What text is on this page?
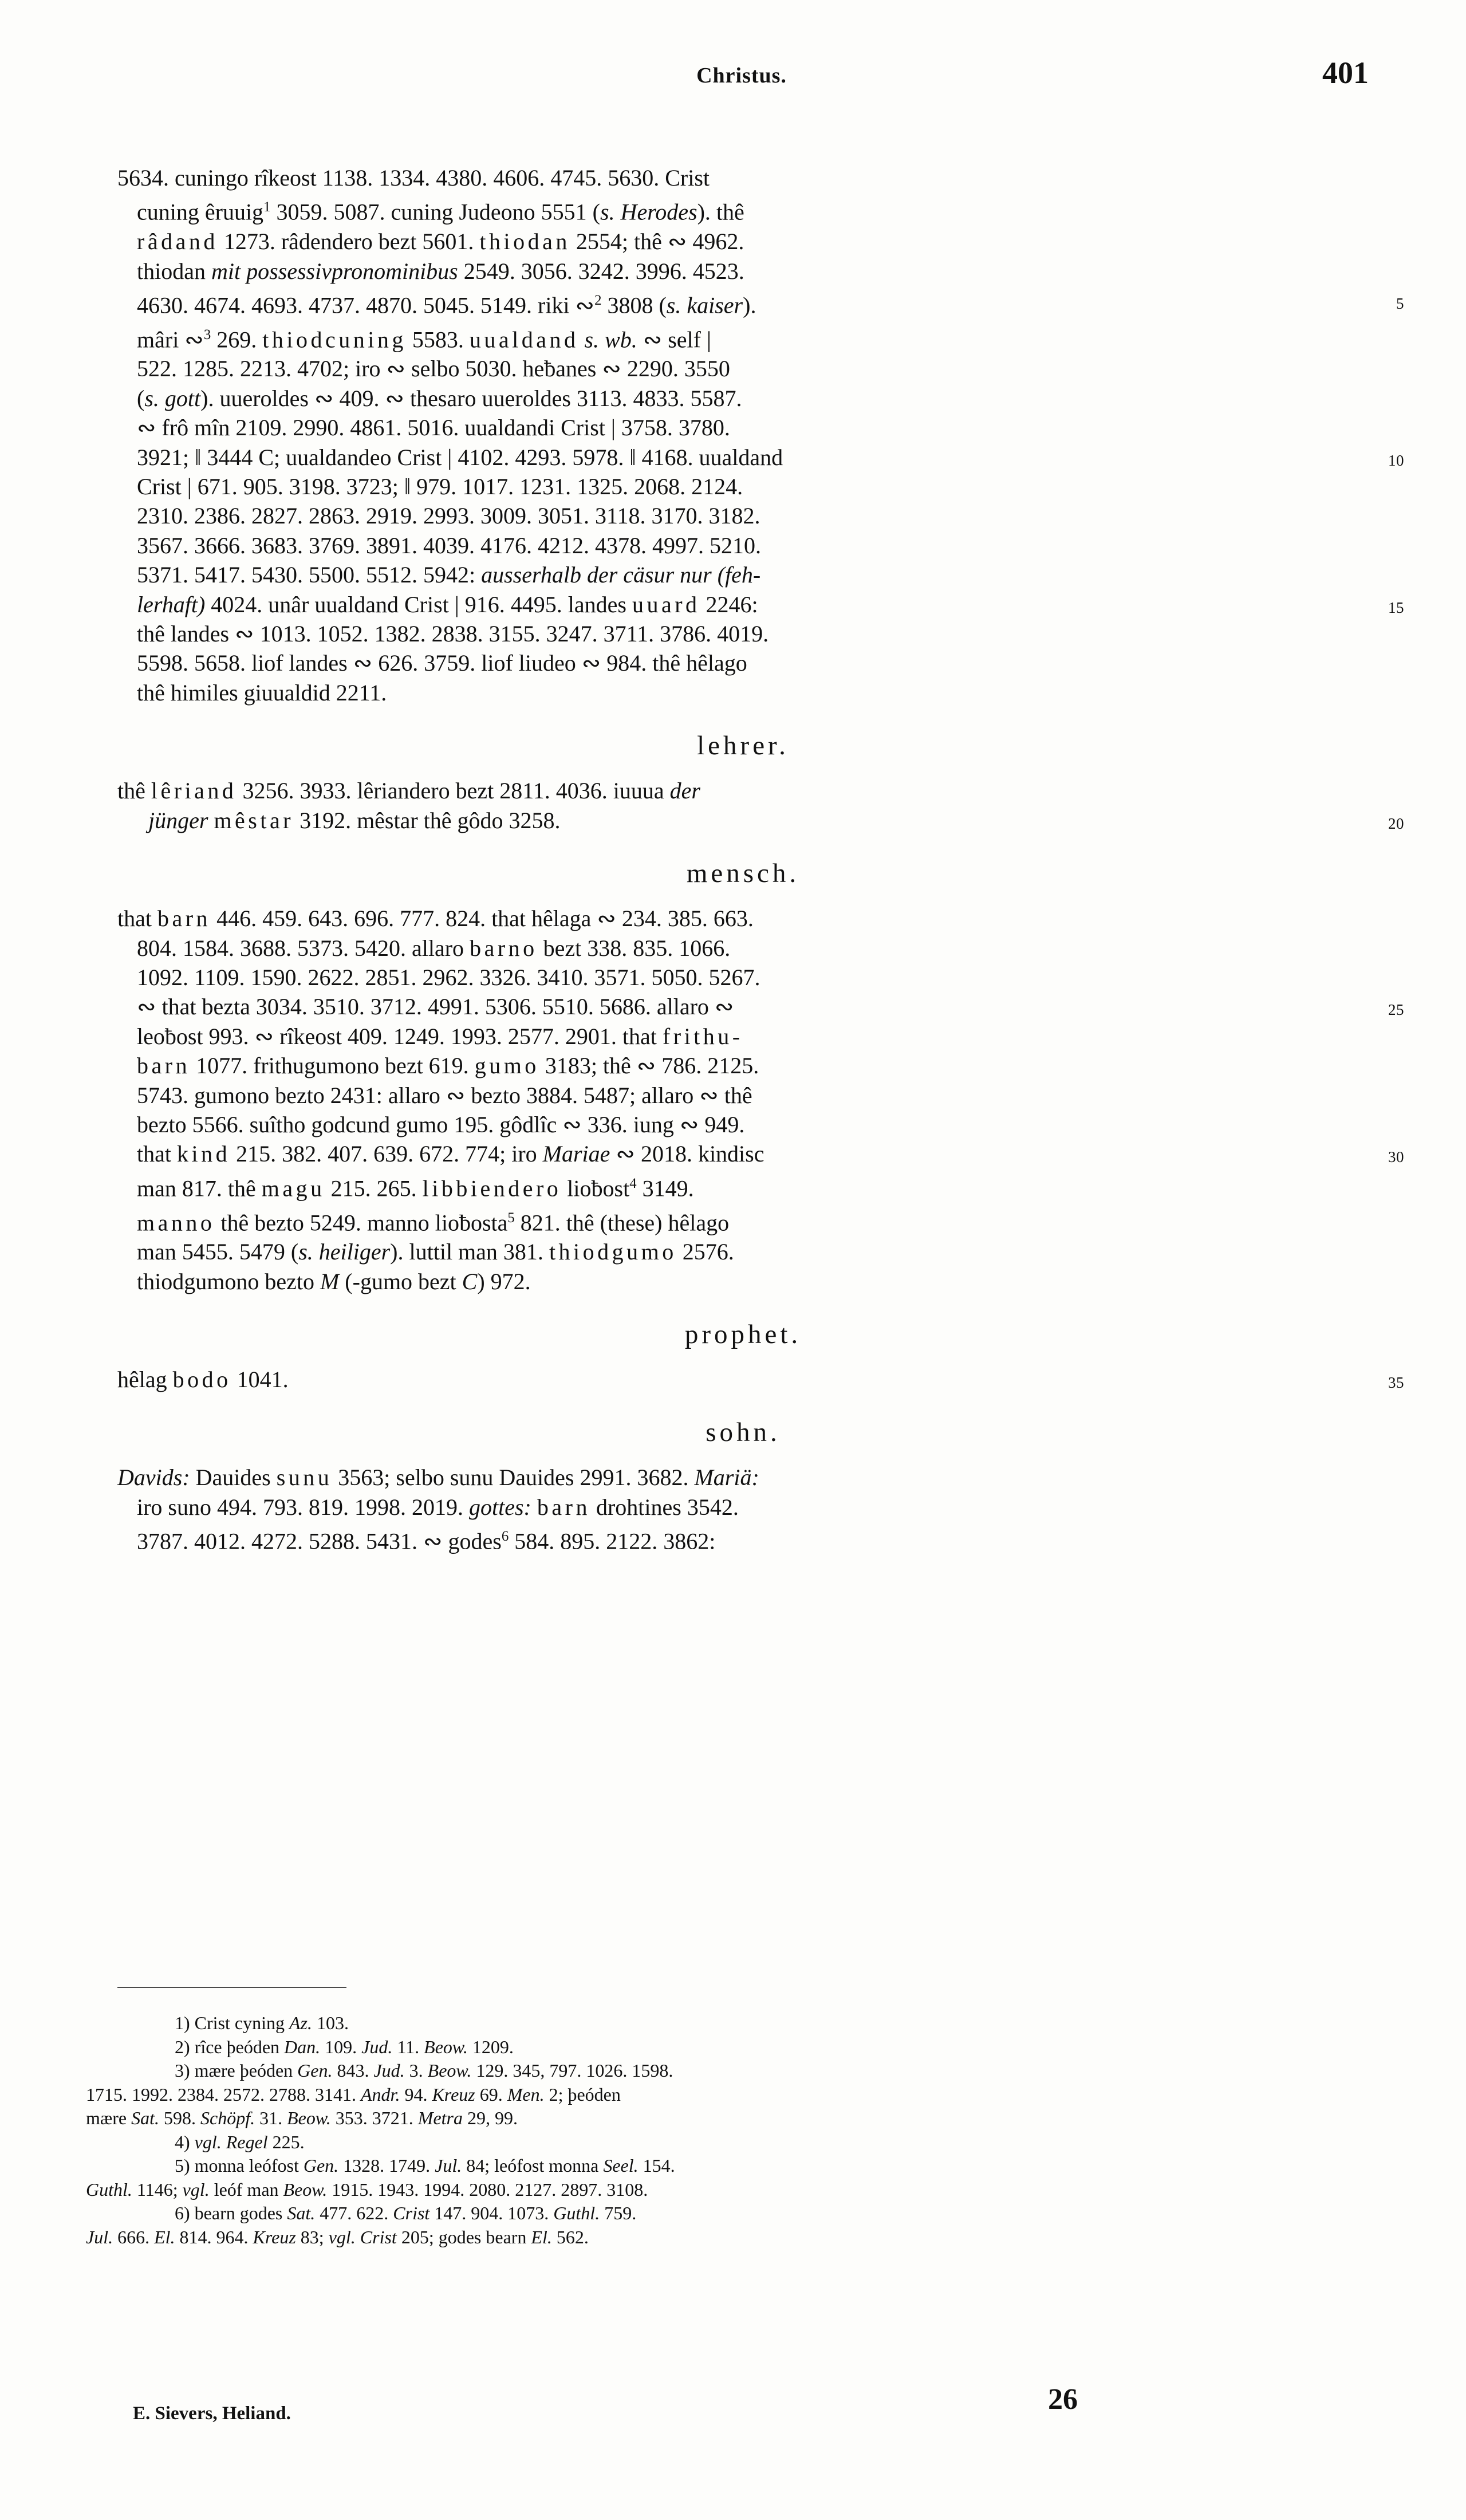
Christus.	401
5634. cuningo rîkeost 1138. 1334. 4380. 4606. 4745. 5630. Crist
cuning êruuig$^1$ 3059. 5087. cuning Judeono 5551 (s. Herodes). thê
râdand 1273. râdendero bezt 5601. thiodan 2554; thê ∾ 4962.
thiodan mit possessivpronominibus 2549. 3056. 3242. 3996. 4523.
4630. 4674. 4693. 4737. 4870. 5045. 5149. riki ∾$^2$ 3808 (s. kaiser).	5
mâri ∾$^3$ 269. thiodcuning 5583. uualdand s. wb. ∾ self |
522. 1285. 2213. 4702; iro ∾ selbo 5030. heƀanes ∾ 2290. 3550
(s. gott). uueroldes ∾ 409. ∾ thesaro uueroldes 3113. 4833. 5587.
∾ frô mîn 2109. 2990. 4861. 5016. uualdandi Crist | 3758. 3780.
3921; ‖ 3444 C; uualdandeo Crist | 4102. 4293. 5978. ‖ 4168. uualdand	10
Crist | 671. 905. 3198. 3723; ‖ 979. 1017. 1231. 1325. 2068. 2124.
2310. 2386. 2827. 2863. 2919. 2993. 3009. 3051. 3118. 3170. 3182.
3567. 3666. 3683. 3769. 3891. 4039. 4176. 4212. 4378. 4997. 5210.
5371. 5417. 5430. 5500. 5512. 5942: ausserhalb der cäsur nur (feh-
lerhaft) 4024. unâr uualdand Crist | 916. 4495. landes uuard 2246:	15
thê landes ∾ 1013. 1052. 1382. 2838. 3155. 3247. 3711. 3786. 4019.
5598. 5658. liof landes ∾ 626. 3759. liof liudeo ∾ 984. thê hêlago
thê himiles giuualdid 2211.
lehrer.
thê lêriand 3256. 3933. lêriandero bezt 2811. 4036. iuuua der
jünger mêstar 3192. mêstar thê gôdo 3258.	20
mensch.
that barn 446. 459. 643. 696. 777. 824. that hêlaga ∾ 234. 385. 663.
804. 1584. 3688. 5373. 5420. allaro barno bezt 338. 835. 1066.
1092. 1109. 1590. 2622. 2851. 2962. 3326. 3410. 3571. 5050. 5267.
∾ that bezta 3034. 3510. 3712. 4991. 5306. 5510. 5686. allaro ∾	25
leoƀost 993. ∾ rîkeost 409. 1249. 1993. 2577. 2901. that frithu-
barn 1077. frithugumono bezt 619. gumo 3183; thê ∾ 786. 2125.
5743. gumono bezto 2431: allaro ∾ bezto 3884. 5487; allaro ∾ thê
bezto 5566. suîtho godcund gumo 195. gôdlîc ∾ 336. iung ∾ 949.
that kind 215. 382. 407. 639. 672. 774; iro Mariae ∾ 2018. kindisc	30
man 817. thê magu 215. 265. libbiendero lioƀost$^4$ 3149.
manno thê bezto 5249. manno lioƀosta$^5$ 821. thê (these) hêlago
man 5455. 5479 (s. heiliger). luttil man 381. thiodgumo 2576.
thiodgumono bezto M (-gumo bezt C) 972.
prophet.
hêlag bodo 1041.	35
sohn.
Davids: Dauides sunu 3563; selbo sunu Dauides 2991. 3682. Mariä:
iro suno 494. 793. 819. 1998. 2019. gottes: barn drohtines 3542.
3787. 4012. 4272. 5288. 5431. ∾ godes$^6$ 584. 895. 2122. 3862:
1) Crist cyning Az. 103.
2) rîce þeóden Dan. 109. Jud. 11. Beow. 1209.
3) mære þeóden Gen. 843. Jud. 3. Beow. 129. 345, 797. 1026. 1598.
1715. 1992. 2384. 2572. 2788. 3141. Andr. 94. Kreuz 69. Men. 2; þeóden
mære Sat. 598. Schöpf. 31. Beow. 353. 3721. Metra 29, 99.
4) vgl. Regel 225.
5) monna leófost Gen. 1328. 1749. Jul. 84; leófost monna Seel. 154.
Guthl. 1146; vgl. leóf man Beow. 1915. 1943. 1994. 2080. 2127. 2897. 3108.
6) bearn godes Sat. 477. 622. Crist 147. 904. 1073. Guthl. 759.
Jul. 666. El. 814. 964. Kreuz 83; vgl. Crist 205; godes bearn El. 562.
E. Sievers, Heliand.	26
